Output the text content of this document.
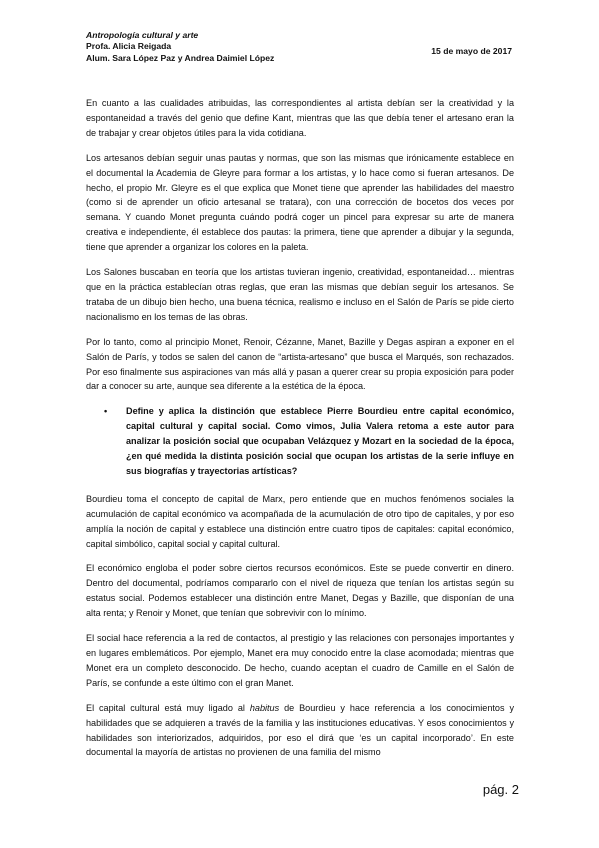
Antropología cultural y arte
Profa. Alicia Reigada
Alum. Sara López Paz y Andrea Daimiel López
15 de mayo de 2017

En cuanto a las cualidades atribuidas, las correspondientes al artista debían ser la creatividad y la espontaneidad a través del genio que define Kant, mientras que las que debía tener el artesano eran la de trabajar y crear objetos útiles para la vida cotidiana.

Los artesanos debían seguir unas pautas y normas, que son las mismas que irónicamente establece en el documental la Academia de Gleyre para formar a los artistas, y lo hace como si fueran artesanos. De hecho, el propio Mr. Gleyre es el que explica que Monet tiene que aprender las habilidades del maestro (como si de aprender un oficio artesanal se tratara), con una corrección de bocetos dos veces por semana. Y cuando Monet pregunta cuándo podrá coger un pincel para expresar su arte de manera creativa e independiente, él establece dos pautas: la primera, tiene que aprender a dibujar y la segunda, tiene que aprender a organizar los colores en la paleta.

Los Salones buscaban en teoría que los artistas tuvieran ingenio, creatividad, espontaneidad… mientras que en la práctica establecían otras reglas, que eran las mismas que debían seguir los artesanos. Se trataba de un dibujo bien hecho, una buena técnica, realismo e incluso en el Salón de París se pide cierto nacionalismo en los temas de las obras.

Por lo tanto, como al principio Monet, Renoir, Cézanne, Manet, Bazille y Degas aspiran a exponer en el Salón de París, y todos se salen del canon de “artista-artesano” que busca el Marqués, son rechazados. Por eso finalmente sus aspiraciones van más allá y pasan a querer crear su propia exposición para poder dar a conocer su arte, aunque sea diferente a la estética de la época.

• Define y aplica la distinción que establece Pierre Bourdieu entre capital económico, capital cultural y capital social. Como vimos, Julia Valera retoma a este autor para analizar la posición social que ocupaban Velázquez y Mozart en la sociedad de la época, ¿en qué medida la distinta posición social que ocupan los artistas de la serie influye en sus biografías y trayectorias artísticas?

Bourdieu toma el concepto de capital de Marx, pero entiende que en muchos fenómenos sociales la acumulación de capital económico va acompañada de la acumulación de otro tipo de capitales, y por eso amplía la noción de capital y establece una distinción entre cuatro tipos de capitales: capital económico, capital simbólico, capital social y capital cultural.

El económico engloba el poder sobre ciertos recursos económicos. Este se puede convertir en dinero. Dentro del documental, podríamos compararlo con el nivel de riqueza que tenían los artistas según su estatus social. Podemos establecer una distinción entre Manet, Degas y Bazille, que disponían de una alta renta; y Renoir y Monet, que tenían que sobrevivir con lo mínimo.

El social hace referencia a la red de contactos, al prestigio y las relaciones con personajes importantes y en lugares emblemáticos. Por ejemplo, Manet era muy conocido entre la clase acomodada; mientras que Monet era un completo desconocido. De hecho, cuando aceptan el cuadro de Camille en el Salón de París, se confunde a este último con el gran Manet.

El capital cultural está muy ligado al habitus de Bourdieu y hace referencia a los conocimientos y habilidades que se adquieren a través de la familia y las instituciones educativas. Y esos conocimientos y habilidades son interiorizados, adquiridos, por eso el dirá que ‘es un capital incorporado’. En este documental la mayoría de artistas no provienen de una familia del mismo

pág. 2
